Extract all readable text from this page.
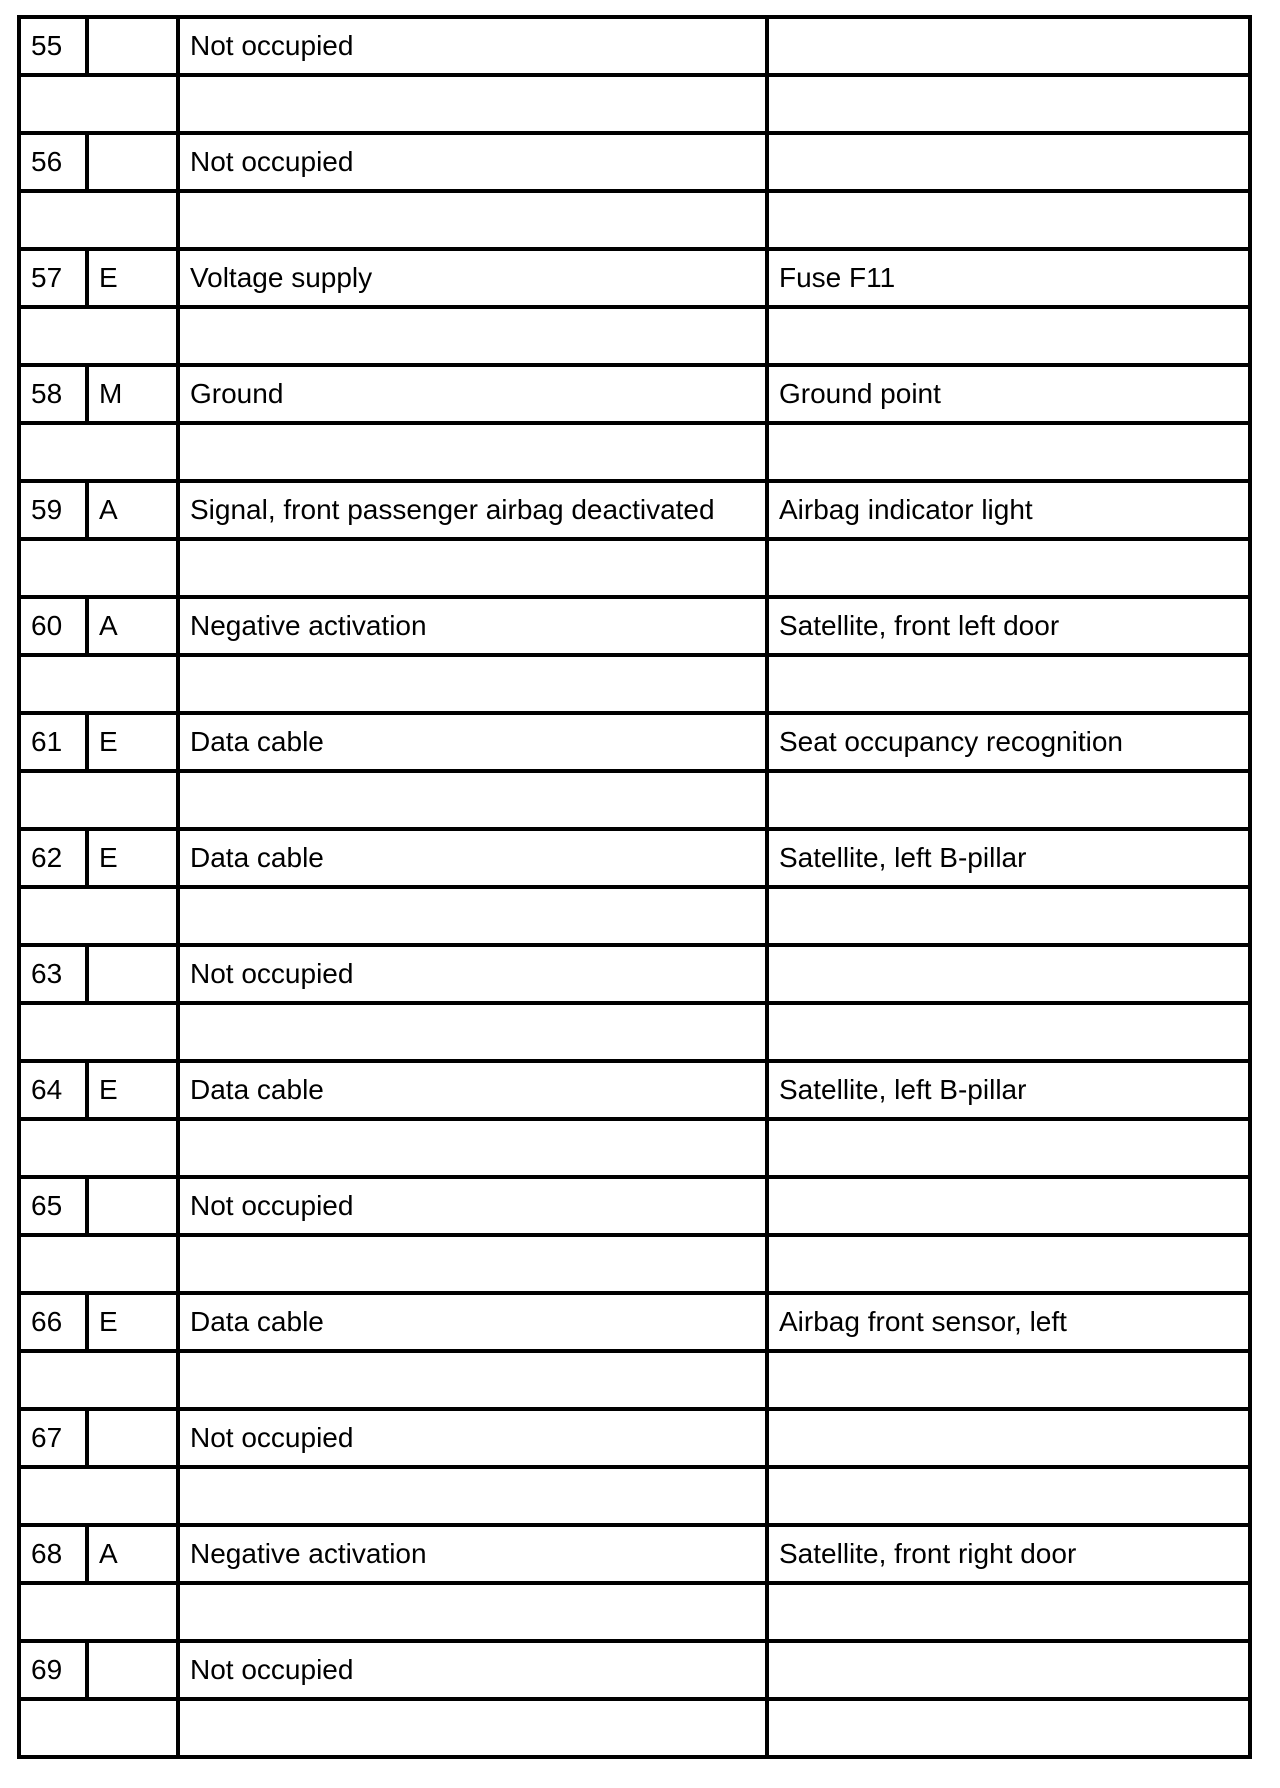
55		Not occupied	

56		Not occupied	

57	E	Voltage supply	Fuse F11

58	M	Ground	Ground point

59	A	Signal, front passenger airbag deactivated	Airbag indicator light

60	A	Negative activation	Satellite, front left door

61	E	Data cable	Seat occupancy recognition

62	E	Data cable	Satellite, left B-pillar

63		Not occupied	

64	E	Data cable	Satellite, left B-pillar

65		Not occupied	

66	E	Data cable	Airbag front sensor, left

67		Not occupied	

68	A	Negative activation	Satellite, front right door

69		Not occupied	
